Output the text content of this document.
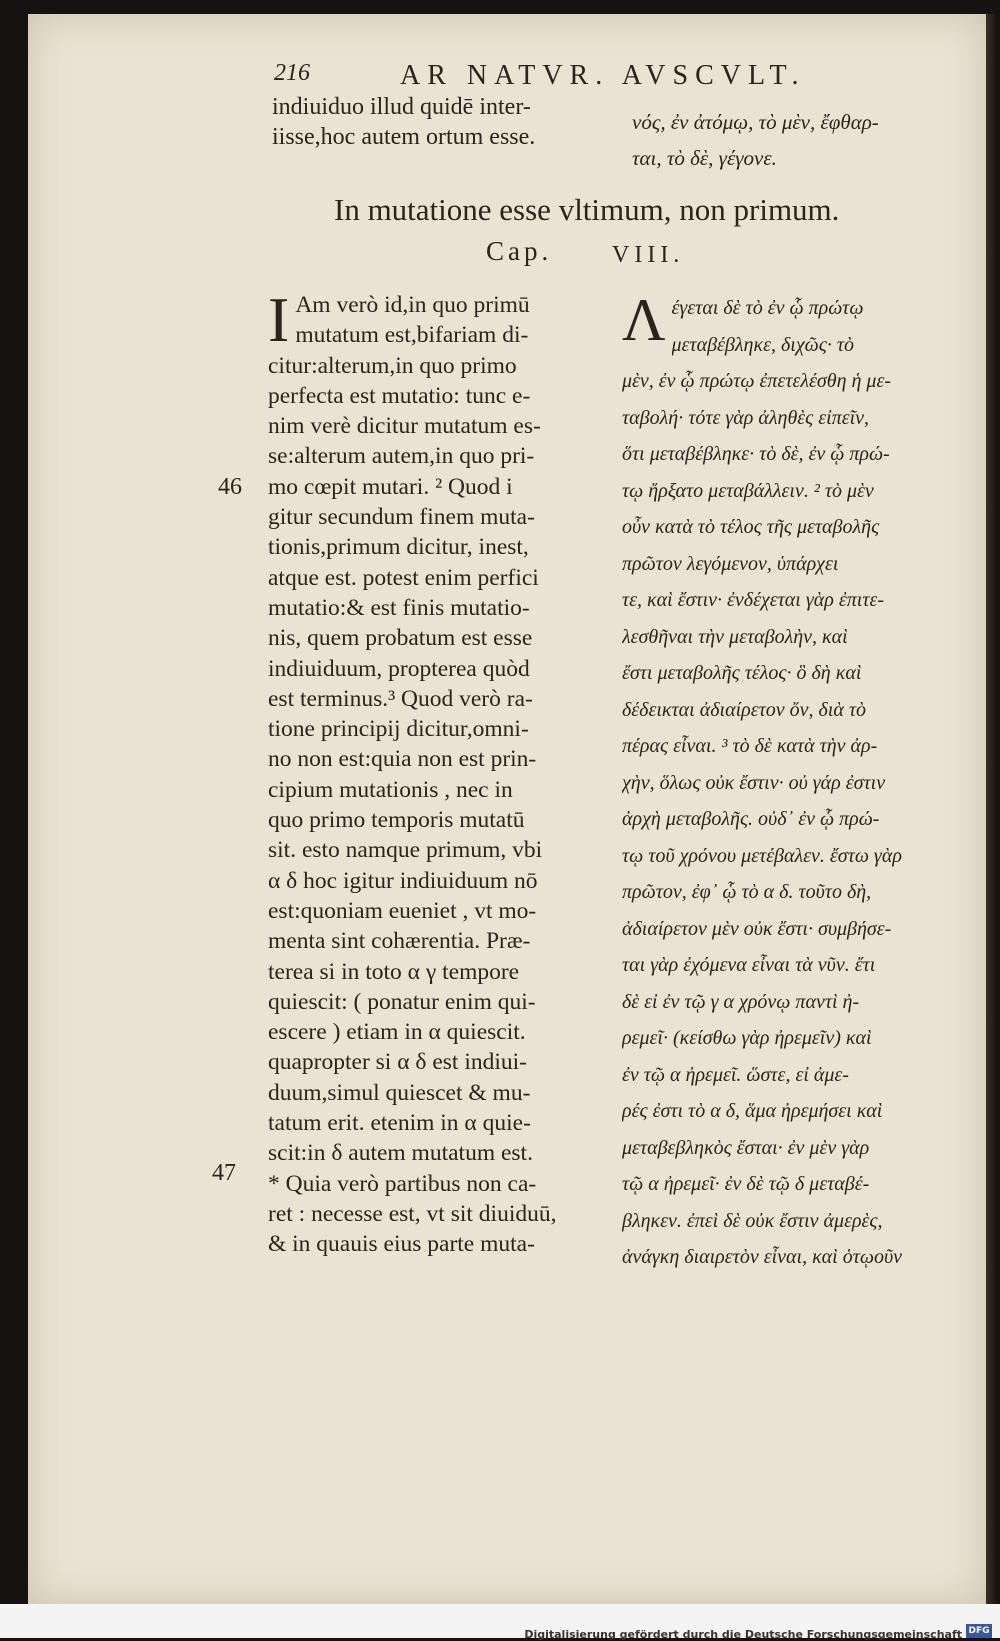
216	AR NATVR. AVSCVLT.
indiuiduo illud quidē inter-
iisse,hoc autem ortum esse.
νός, ἐν ἀτόμῳ, τὸ μὲν, ἔφθαρ-
ται, τὸ δὲ, γέγονε.
In mutatione esse vltimum, non primum.
Cap. VIII.
46
47
I Am verò id,in quo primū
mutatum est,bifariam di-
citur:alterum,in quo primo
perfecta est mutatio: tunc e-
nim verè dicitur mutatum es-
se:alterum autem,in quo pri-
mo cœpit mutari. ² Quod i
gitur secundum finem muta-
tionis,primum dicitur, inest,
atque est. potest enim perfici
mutatio:& est finis mutatio-
nis, quem probatum est esse
indiuiduum, propterea quòd
est terminus.³ Quod verò ra-
tione principij dicitur,omni-
no non est:quia non est prin-
cipium mutationis , nec in
quo primo temporis mutatū
sit. esto namque primum, vbi
α δ hoc igitur indiuiduum nō
est:quoniam eueniet , vt mo-
menta sint cohærentia. Præ-
terea si in toto α γ tempore
quiescit: ( ponatur enim qui-
escere ) etiam in α quiescit.
quapropter si α δ est indiui-
duum,simul quiescet & mu-
tatum erit. etenim in α quie-
scit:in δ autem mutatum est.
* Quia verò partibus non ca-
ret : necesse est, vt sit diuiduū,
& in quauis eius parte muta-
Λ έγεται δὲ τὸ ἐν ᾧ πρώτῳ
μεταβέβληκε, διχῶς· τὸ
μὲν, ἐν ᾧ πρώτῳ ἐπετελέσθη ἡ με-
ταβολή· τότε γὰρ ἀληθὲς εἰπεῖν,
ὅτι μεταβέβληκε· τὸ δὲ, ἐν ᾧ πρώ-
τῳ ἤρξατο μεταβάλλειν. ² τὸ μὲν
οὖν κατὰ τὸ τέλος τῆς μεταβολῆς
πρῶτον λεγόμενον, ὑπάρχει
τε, καὶ ἔστιν· ἐνδέχεται γὰρ ἐπιτε-
λεσθῆναι τὴν μεταβολὴν, καὶ
ἔστι μεταβολῆς τέλος· ὃ δὴ καὶ
δέδεικται ἀδιαίρετον ὄν, διὰ τὸ
πέρας εἶναι. ³ τὸ δὲ κατὰ τὴν ἀρ-
χὴν, ὅλως οὐκ ἔστιν· οὐ γάρ ἐστιν
ἀρχὴ μεταβολῆς. οὐδ᾽ ἐν ᾧ πρώ-
τῳ τοῦ χρόνου μετέβαλεν. ἔστω γὰρ
πρῶτον, ἐφ᾽ ᾧ τὸ α δ. τοῦτο δὴ,
ἀδιαίρετον μὲν οὐκ ἔστι· συμβήσε-
ται γὰρ ἐχόμενα εἶναι τὰ νῦν. ἔτι
δὲ εἰ ἐν τῷ γ α χρόνῳ παντὶ ἠ-
ρεμεῖ· (κείσθω γὰρ ἠρεμεῖν) καὶ
ἐν τῷ α ἠρεμεῖ. ὥστε, εἰ ἀμε-
ρές ἐστι τὸ α δ, ἅμα ἠρεμήσει καὶ
μεταβεβληκὸς ἔσται· ἐν μὲν γὰρ
τῷ α ἠρεμεῖ· ἐν δὲ τῷ δ μεταβέ-
βληκεν. ἐπεὶ δὲ οὐκ ἔστιν ἀμερὲς,
ἀνάγκη διαιρετὸν εἶναι, καὶ ὁτῳοῦν
Digitalisierung gefördert durch die Deutsche Forschungsgemeinschaft DFG
